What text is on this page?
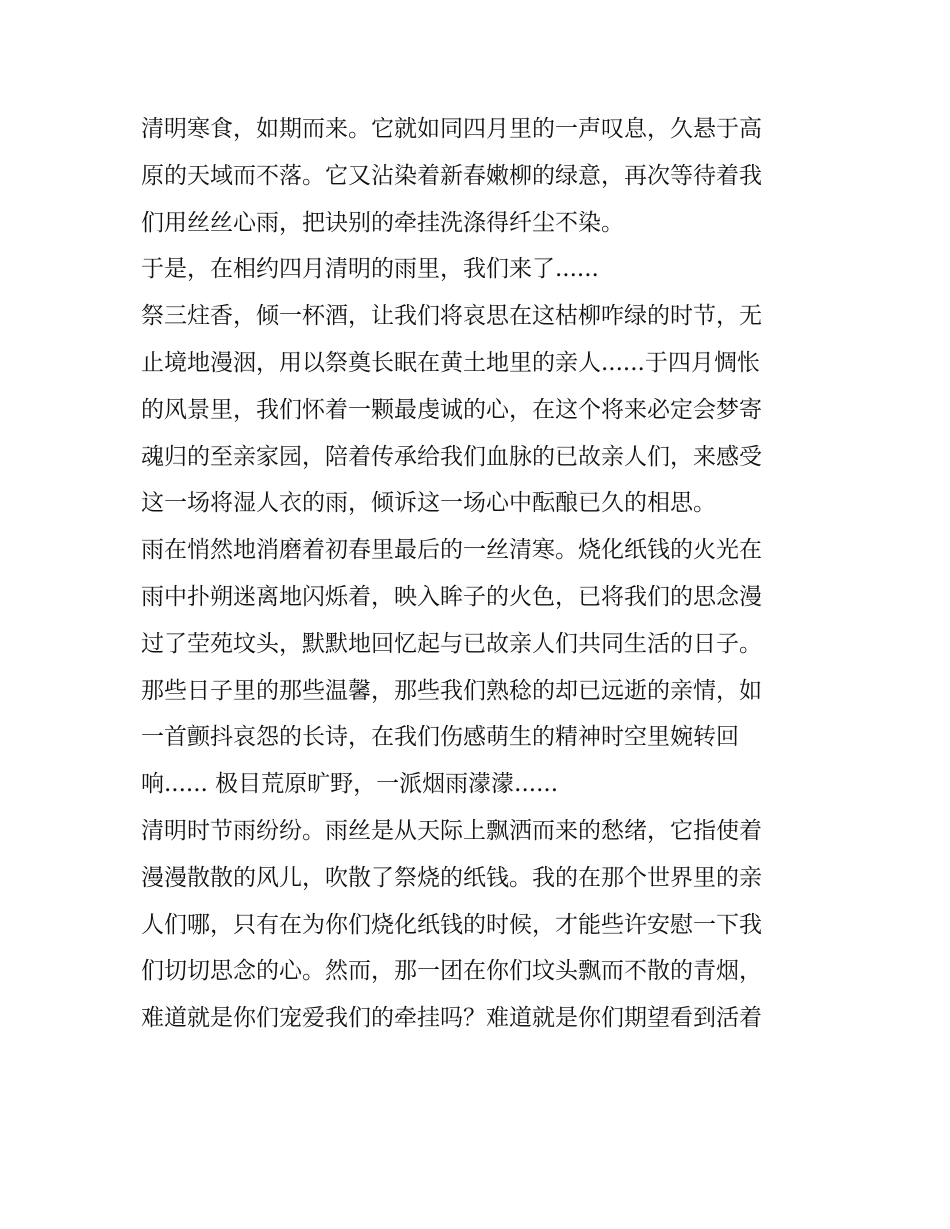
清明寒食，如期而来。它就如同四月里的一声叹息，久悬于高
原的天域而不落。它又沾染着新春嫩柳的绿意，再次等待着我
们用丝丝心雨，把诀别的牵挂洗涤得纤尘不染。
于是，在相约四月清明的雨里，我们来了......
祭三炷香，倾一杯酒，让我们将哀思在这枯柳咋绿的时节，无
止境地漫洇，用以祭奠长眠在黄土地里的亲人......于四月惆怅
的风景里，我们怀着一颗最虔诚的心，在这个将来必定会梦寄
魂归的至亲家园，陪着传承给我们血脉的已故亲人们，来感受
这一场将湿人衣的雨，倾诉这一场心中酝酿已久的相思。
雨在悄然地消磨着初春里最后的一丝清寒。烧化纸钱的火光在
雨中扑朔迷离地闪烁着，映入眸子的火色，已将我们的思念漫
过了茔苑坟头，默默地回忆起与已故亲人们共同生活的日子。
那些日子里的那些温馨，那些我们熟稔的却已远逝的亲情，如
一首颤抖哀怨的长诗，在我们伤感萌生的精神时空里婉转回
响...... 极目荒原旷野，一派烟雨濛濛......
清明时节雨纷纷。雨丝是从天际上飘洒而来的愁绪，它指使着
漫漫散散的风儿，吹散了祭烧的纸钱。我的在那个世界里的亲
人们哪，只有在为你们烧化纸钱的时候，才能些许安慰一下我
们切切思念的心。然而，那一团在你们坟头飘而不散的青烟，
难道就是你们宠爱我们的牵挂吗？难道就是你们期望看到活着
